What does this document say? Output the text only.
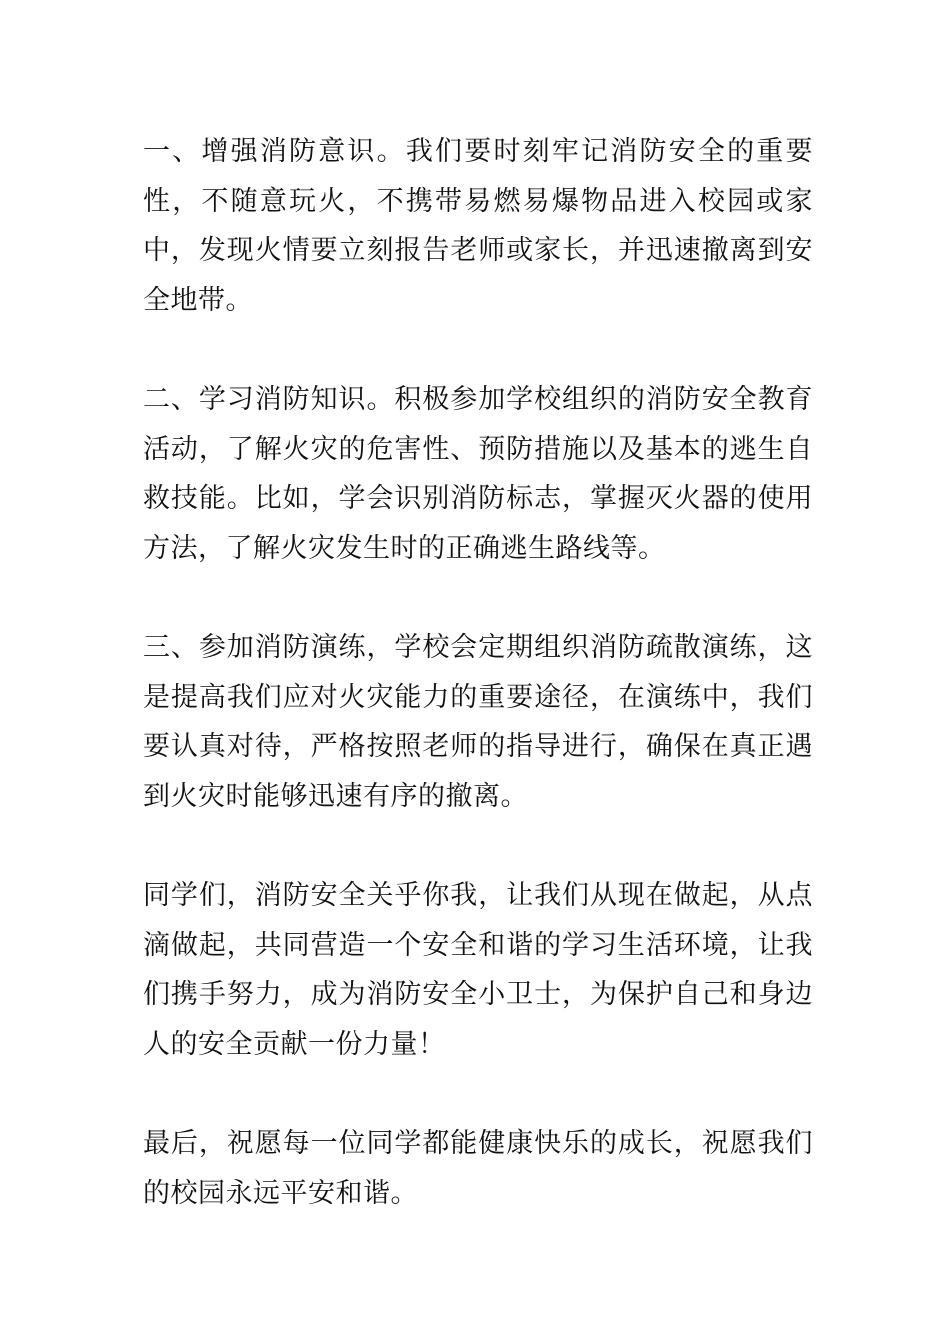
一、增强消防意识。我们要时刻牢记消防安全的重要性，不随意玩火，不携带易燃易爆物品进入校园或家中，发现火情要立刻报告老师或家长，并迅速撤离到安全地带。

二、学习消防知识。积极参加学校组织的消防安全教育活动，了解火灾的危害性、预防措施以及基本的逃生自救技能。比如，学会识别消防标志，掌握灭火器的使用方法，了解火灾发生时的正确逃生路线等。

三、参加消防演练，学校会定期组织消防疏散演练，这是提高我们应对火灾能力的重要途径，在演练中，我们要认真对待，严格按照老师的指导进行，确保在真正遇到火灾时能够迅速有序的撤离。

同学们，消防安全关乎你我，让我们从现在做起，从点滴做起，共同营造一个安全和谐的学习生活环境，让我们携手努力，成为消防安全小卫士，为保护自己和身边人的安全贡献一份力量！

最后，祝愿每一位同学都能健康快乐的成长，祝愿我们的校园永远平安和谐。
